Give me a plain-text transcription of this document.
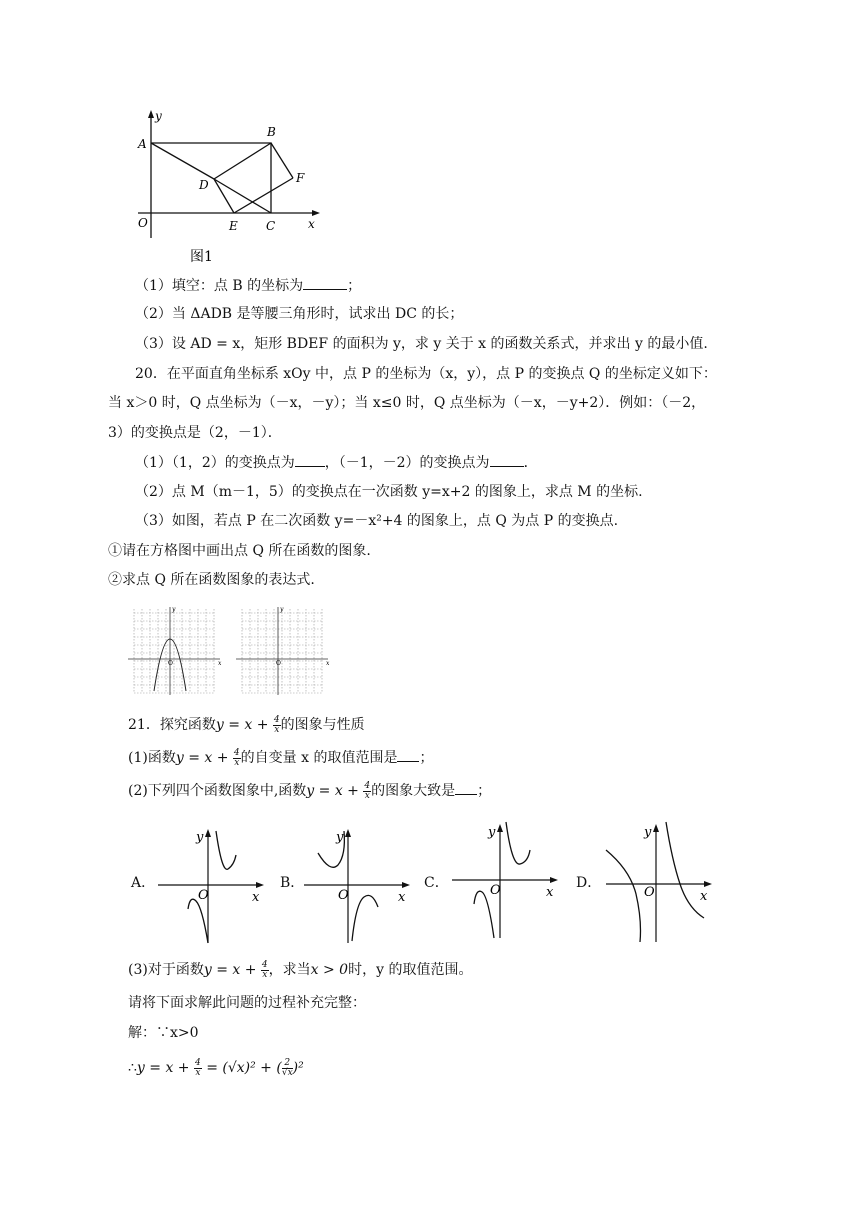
A
B
D	F
O	E C	x
y
图1
（1）填空：点 B 的坐标为	；
（2）当 ΔADB 是等腰三角形时，试求出 DC 的长；
（3）设 AD = x，矩形 BDEF 的面积为 y，求 y 关于 x 的函数关系式，并求出 y 的最小值.
20．在平面直角坐标系 xOy 中，点 P 的坐标为（x，y），点 P 的变换点 Q 的坐标定义如下：
当 x＞0 时，Q 点坐标为（－x，－y）；当 x≤0 时，Q 点坐标为（－x，－y+2）．例如：（－2，
3）的变换点是（2，－1）．
（1）（1，2）的变换点为 ，（－1，－2）的变换点为 ．
（2）点 M（m－1，5）的变换点在一次函数 y=x+2 的图象上，求点 M 的坐标.
（3）如图，若点 P 在二次函数 y=－x²+4 的图象上，点 Q 为点 P 的变换点.
①请在方格图中画出点 Q 所在函数的图象.
②求点 Q 所在函数图象的表达式.
O	x
y
O	x
y
21．探究函数$y = x + \frac{4}{x}$ 的图象与性质
(1)函数$y = x + \frac{4}{x}$ 的自变量 x 的取值范围是 ；
(2)下列四个函数图象中,函数$y = x + \frac{4}{x}$ 的图象大致是 ；
A．	B．	C．	D．
O	x
y
O	x
y
O	x
y
O	x
y
(3)对于函数$y = x + \frac{4}{x}$ ，求当x > 0时，y 的取值范围。
请将下面求解此问题的过程补充完整：
解：∵x>0
∴y = $x + \frac{4}{x} = (√x)^2$ + ( $\frac{2}{√x} )^2$
